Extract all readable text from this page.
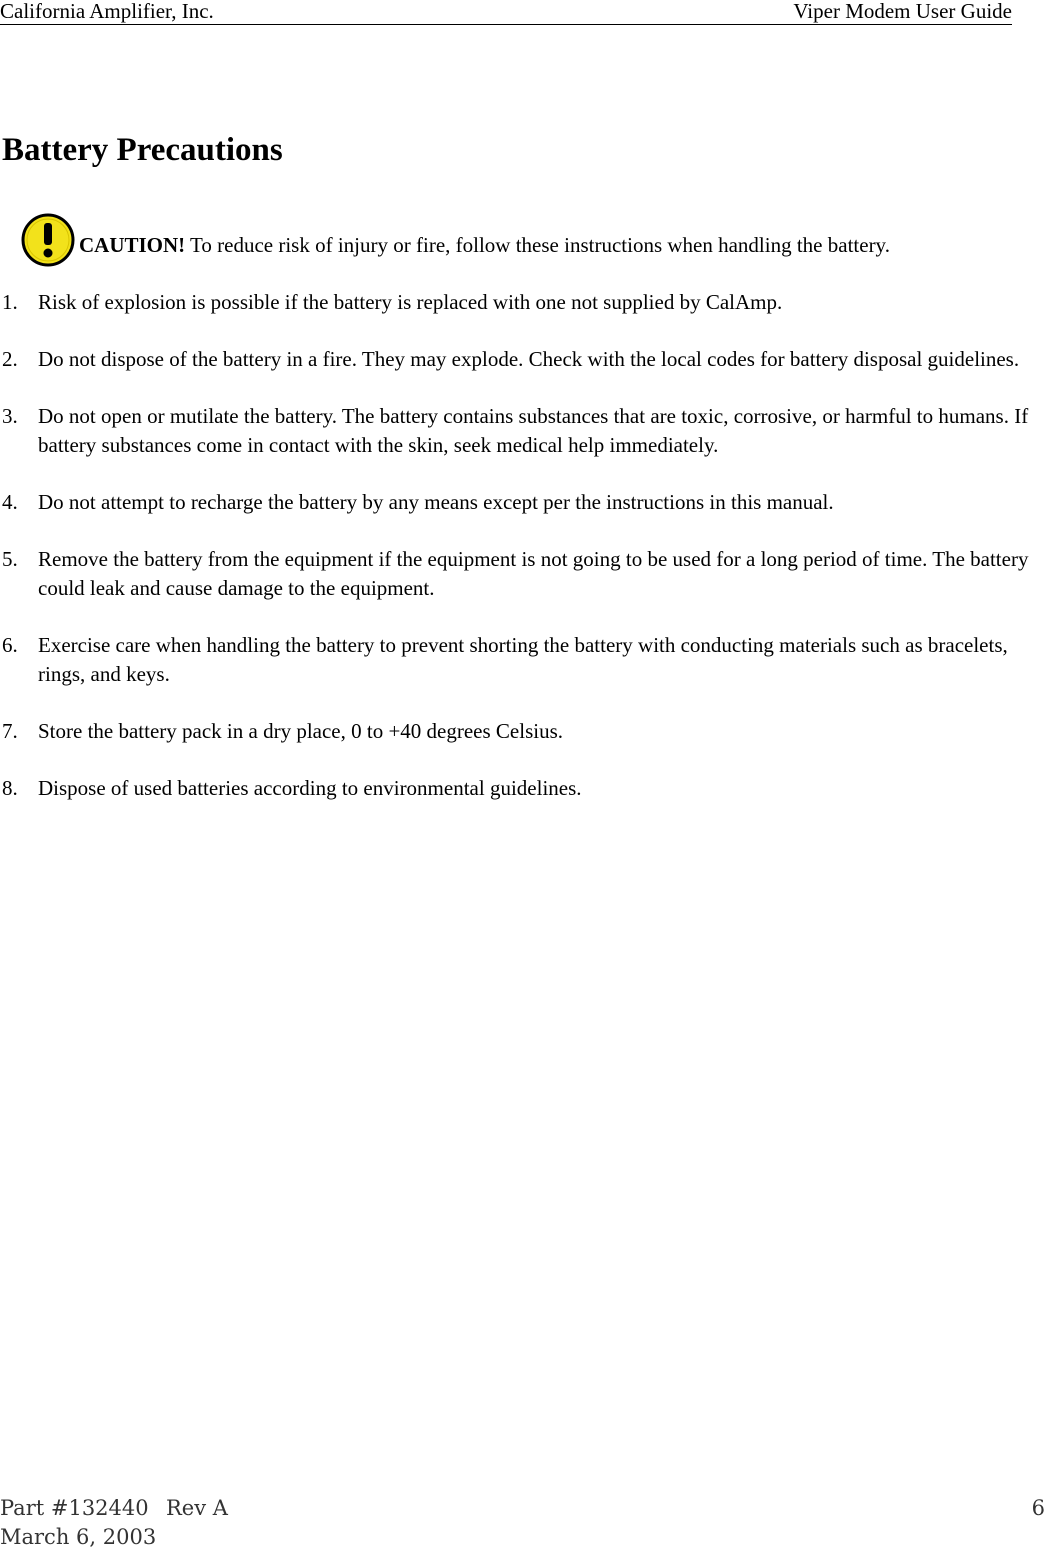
California Amplifier, Inc.	Viper Modem User Guide
Battery Precautions
CAUTION! To reduce risk of injury or fire, follow these instructions when handling the battery.
1. Risk of explosion is possible if the battery is replaced with one not supplied by CalAmp.
2. Do not dispose of the battery in a fire. They may explode. Check with the local codes for battery disposal guidelines.
3. Do not open or mutilate the battery. The battery contains substances that are toxic, corrosive, or harmful to humans. If battery substances come in contact with the skin, seek medical help immediately.
4. Do not attempt to recharge the battery by any means except per the instructions in this manual.
5. Remove the battery from the equipment if the equipment is not going to be used for a long period of time. The battery could leak and cause damage to the equipment.
6. Exercise care when handling the battery to prevent shorting the battery with conducting materials such as bracelets, rings, and keys.
7. Store the battery pack in a dry place, 0 to +40 degrees Celsius.
8. Dispose of used batteries according to environmental guidelines.
Part #132440 Rev A	6
March 6, 2003
